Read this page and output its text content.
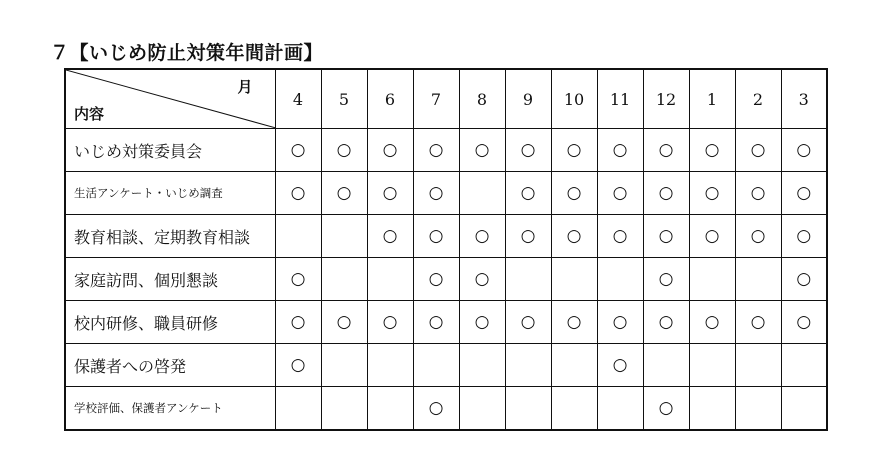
７【いじめ防止対策年間計画】
月
内容	4	5	6	7	8	9	10	11	12	1	2	3
いじめ対策委員会	○	○	○	○	○	○	○	○	○	○	○	○
生活アンケート・いじめ調査	○	○	○	○		○	○	○	○	○	○	○
教育相談、定期教育相談			○	○	○	○	○	○	○	○	○	○
家庭訪問、個別懇談	○			○	○				○			○
校内研修、職員研修	○	○	○	○	○	○	○	○	○	○	○	○
保護者への啓発	○							○				
学校評価、保護者アンケート				○					○			
